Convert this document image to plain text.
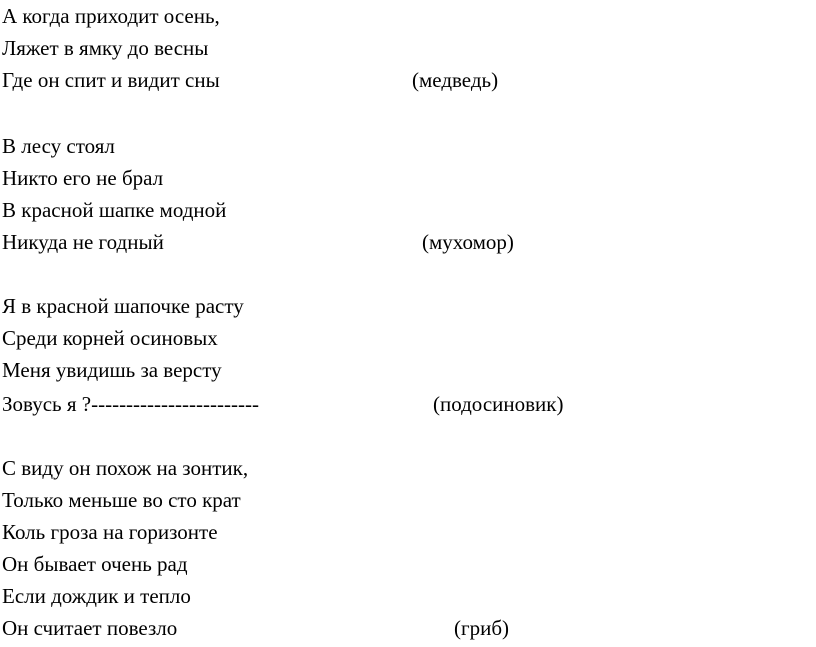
А когда приходит осень,
Ляжет в ямку до весны
Где он спит и видит сны	(медведь)
В лесу стоял
Никто его не брал
В красной шапке модной
Никуда не годный	(мухомор)
Я в красной шапочке расту
Среди корней осиновых
Меня увидишь за версту
Зовусь я ?------------------------	(подосиновик)
С виду он похож на зонтик,
Только меньше во сто крат
Коль гроза на горизонте
Он бывает очень рад
Если дождик и тепло
Он считает повезло	(гриб)
